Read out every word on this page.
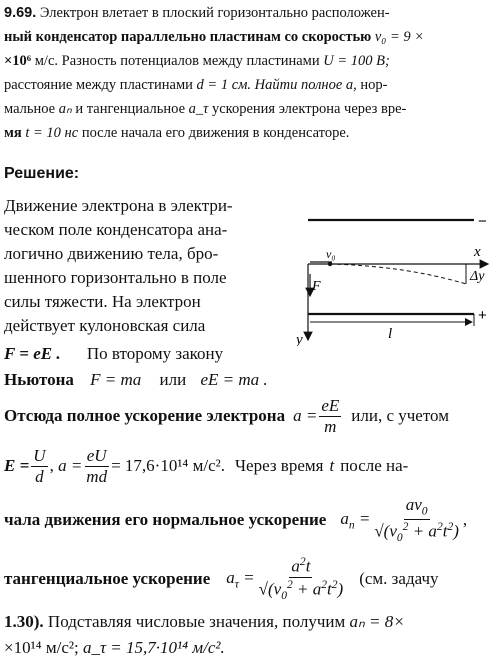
9.69. Электрон влетает в плоский горизонтально расположен-
ный конденсатор параллельно пластинам со скоростью v₀ = 9 ×
×10⁶ м/с. Разность потенциалов между пластинами U = 100 В;
расстояние между пластинами d = 1 см. Найти полное a, нор-
мальное aₙ и тангенциальное a_τ ускорения электрона через вре-
мя t = 10 нс после начала его движения в конденсаторе.
Решение:
Движение электрона в электри-
ческом поле конденсатора ана-
логично движению тела, бро-
шенного горизонтально в поле
силы тяжести. На электрон
действует кулоновская сила
F = eE . По второму закону
Ньютона F = ma или eE = ma .
Отсюда полное ускорение электрона $a = \frac{eE}{m}$ или, с учетом
$E = \frac{U}{d}$ , $a = \frac{eU}{md} = 17,6\cdot 10^{14}$ м/с². Через время t после на-
чала движения его нормальное ускорение $a_n = \frac{av_0}{√(v_0^2 + a^2t^2)}$ ,
тангенциальное ускорение $a_\tau = \frac{a^2t}{√(v_0^2 + a^2t^2)} (см$. задачу
1.30). Подставляя числовые значения, получим aₙ = 8×
×10¹⁴ м/с²; a_τ = 15,7·10¹⁴ м/с².
−
+
x
y
v₀
F
Δy
l
